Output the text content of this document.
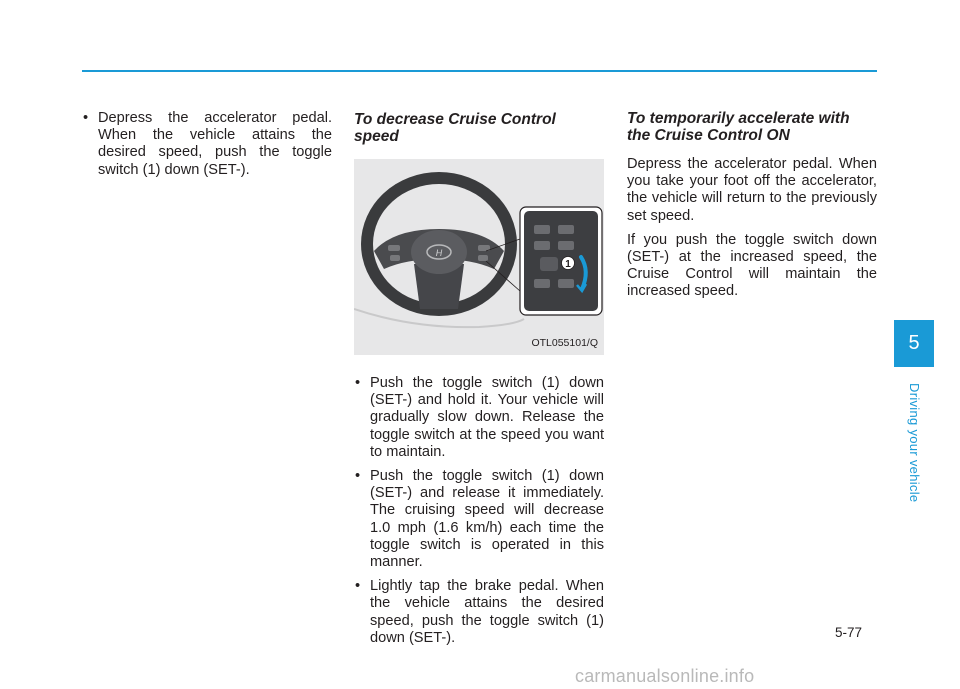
• Depress the accelerator pedal. When the vehicle attains the desired speed, push the toggle switch (1) down (SET-).

To decrease Cruise Control speed
H
1
OTL055101/Q

• Push the toggle switch (1) down (SET-) and hold it. Your vehicle will gradually slow down. Release the toggle switch at the speed you want to maintain.

• Push the toggle switch (1) down (SET-) and release it immediately. The cruising speed will decrease 1.0 mph (1.6 km/h) each time the toggle switch is operated in this manner.

• Lightly tap the brake pedal. When the vehicle attains the desired speed, push the toggle switch (1) down (SET-).

To temporarily accelerate with the Cruise Control ON

Depress the accelerator pedal. When you take your foot off the accelerator, the vehicle will return to the previously set speed.

If you push the toggle switch down (SET-) at the increased speed, the Cruise Control will maintain the increased speed.

5
Driving your vehicle
5-77
carmanualsonline.info
